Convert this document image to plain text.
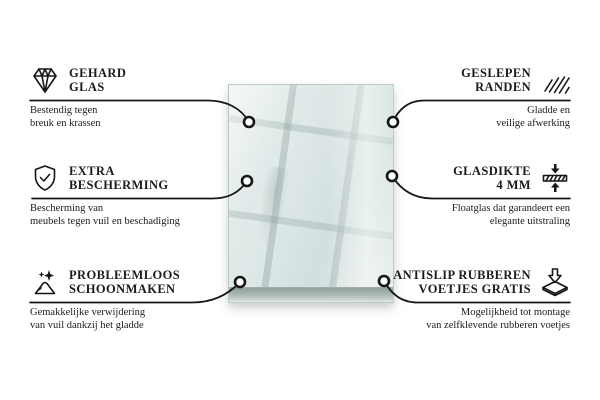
GEHARD
GLAS
Bestendig tegen
breuk en krassen
EXTRA
BESCHERMING
Bescherming van
meubels tegen vuil en beschadiging
PROBLEEMLOOS
SCHOONMAKEN
Gemakkelijke verwijdering
van vuil dankzij het gladde
GESLEPEN
RANDEN
Gladde en
veilige afwerking
GLASDIKTE
4 MM
Floatglas dat garandeert een
elegante uitstraling
ANTISLIP RUBBEREN
VOETJES GRATIS
Mogelijkheid tot montage
van zelfklevende rubberen voetjes
